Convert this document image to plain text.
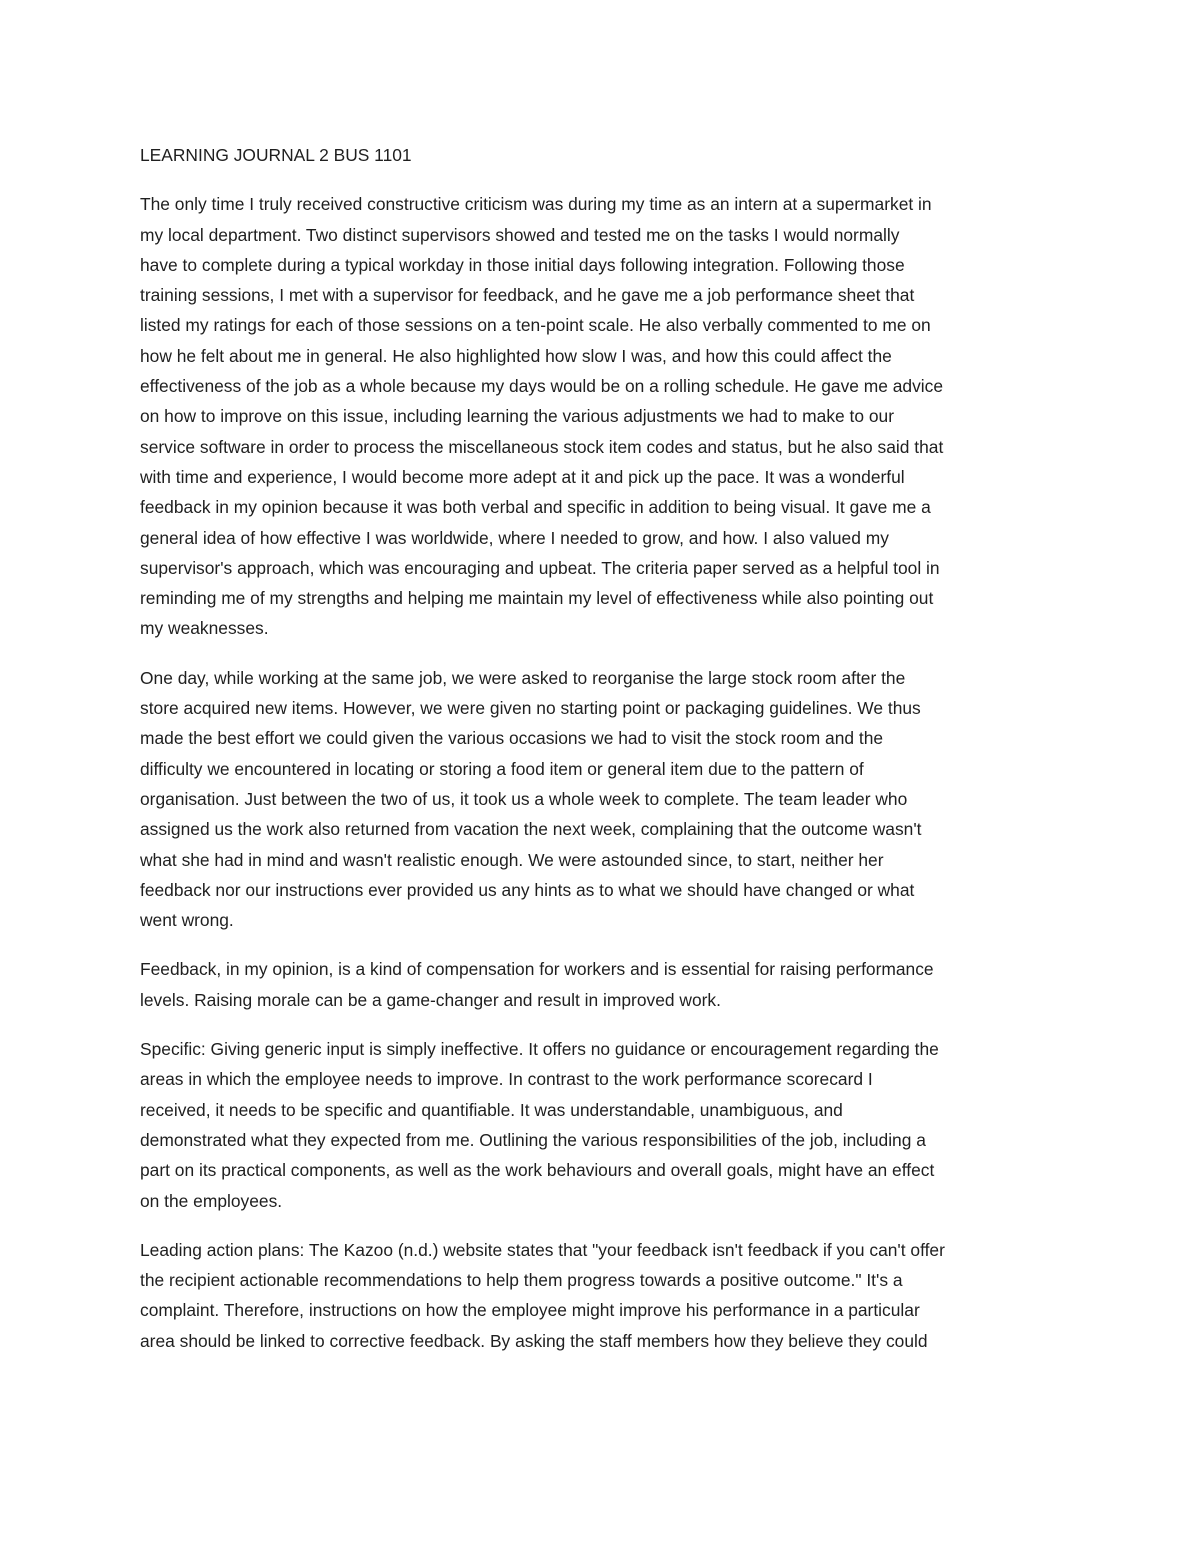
LEARNING JOURNAL 2 BUS 1101
The only time I truly received constructive criticism was during my time as an intern at a supermarket in
my local department. Two distinct supervisors showed and tested me on the tasks I would normally
have to complete during a typical workday in those initial days following integration. Following those
training sessions, I met with a supervisor for feedback, and he gave me a job performance sheet that
listed my ratings for each of those sessions on a ten-point scale. He also verbally commented to me on
how he felt about me in general. He also highlighted how slow I was, and how this could affect the
effectiveness of the job as a whole because my days would be on a rolling schedule. He gave me advice
on how to improve on this issue, including learning the various adjustments we had to make to our
service software in order to process the miscellaneous stock item codes and status, but he also said that
with time and experience, I would become more adept at it and pick up the pace. It was a wonderful
feedback in my opinion because it was both verbal and specific in addition to being visual. It gave me a
general idea of how effective I was worldwide, where I needed to grow, and how. I also valued my
supervisor's approach, which was encouraging and upbeat. The criteria paper served as a helpful tool in
reminding me of my strengths and helping me maintain my level of effectiveness while also pointing out
my weaknesses.
One day, while working at the same job, we were asked to reorganise the large stock room after the
store acquired new items. However, we were given no starting point or packaging guidelines. We thus
made the best effort we could given the various occasions we had to visit the stock room and the
difficulty we encountered in locating or storing a food item or general item due to the pattern of
organisation. Just between the two of us, it took us a whole week to complete. The team leader who
assigned us the work also returned from vacation the next week, complaining that the outcome wasn't
what she had in mind and wasn't realistic enough. We were astounded since, to start, neither her
feedback nor our instructions ever provided us any hints as to what we should have changed or what
went wrong.
Feedback, in my opinion, is a kind of compensation for workers and is essential for raising performance
levels. Raising morale can be a game-changer and result in improved work.
Specific: Giving generic input is simply ineffective. It offers no guidance or encouragement regarding the
areas in which the employee needs to improve. In contrast to the work performance scorecard I
received, it needs to be specific and quantifiable. It was understandable, unambiguous, and
demonstrated what they expected from me. Outlining the various responsibilities of the job, including a
part on its practical components, as well as the work behaviours and overall goals, might have an effect
on the employees.
Leading action plans: The Kazoo (n.d.) website states that "your feedback isn't feedback if you can't offer
the recipient actionable recommendations to help them progress towards a positive outcome." It's a
complaint. Therefore, instructions on how the employee might improve his performance in a particular
area should be linked to corrective feedback. By asking the staff members how they believe they could
